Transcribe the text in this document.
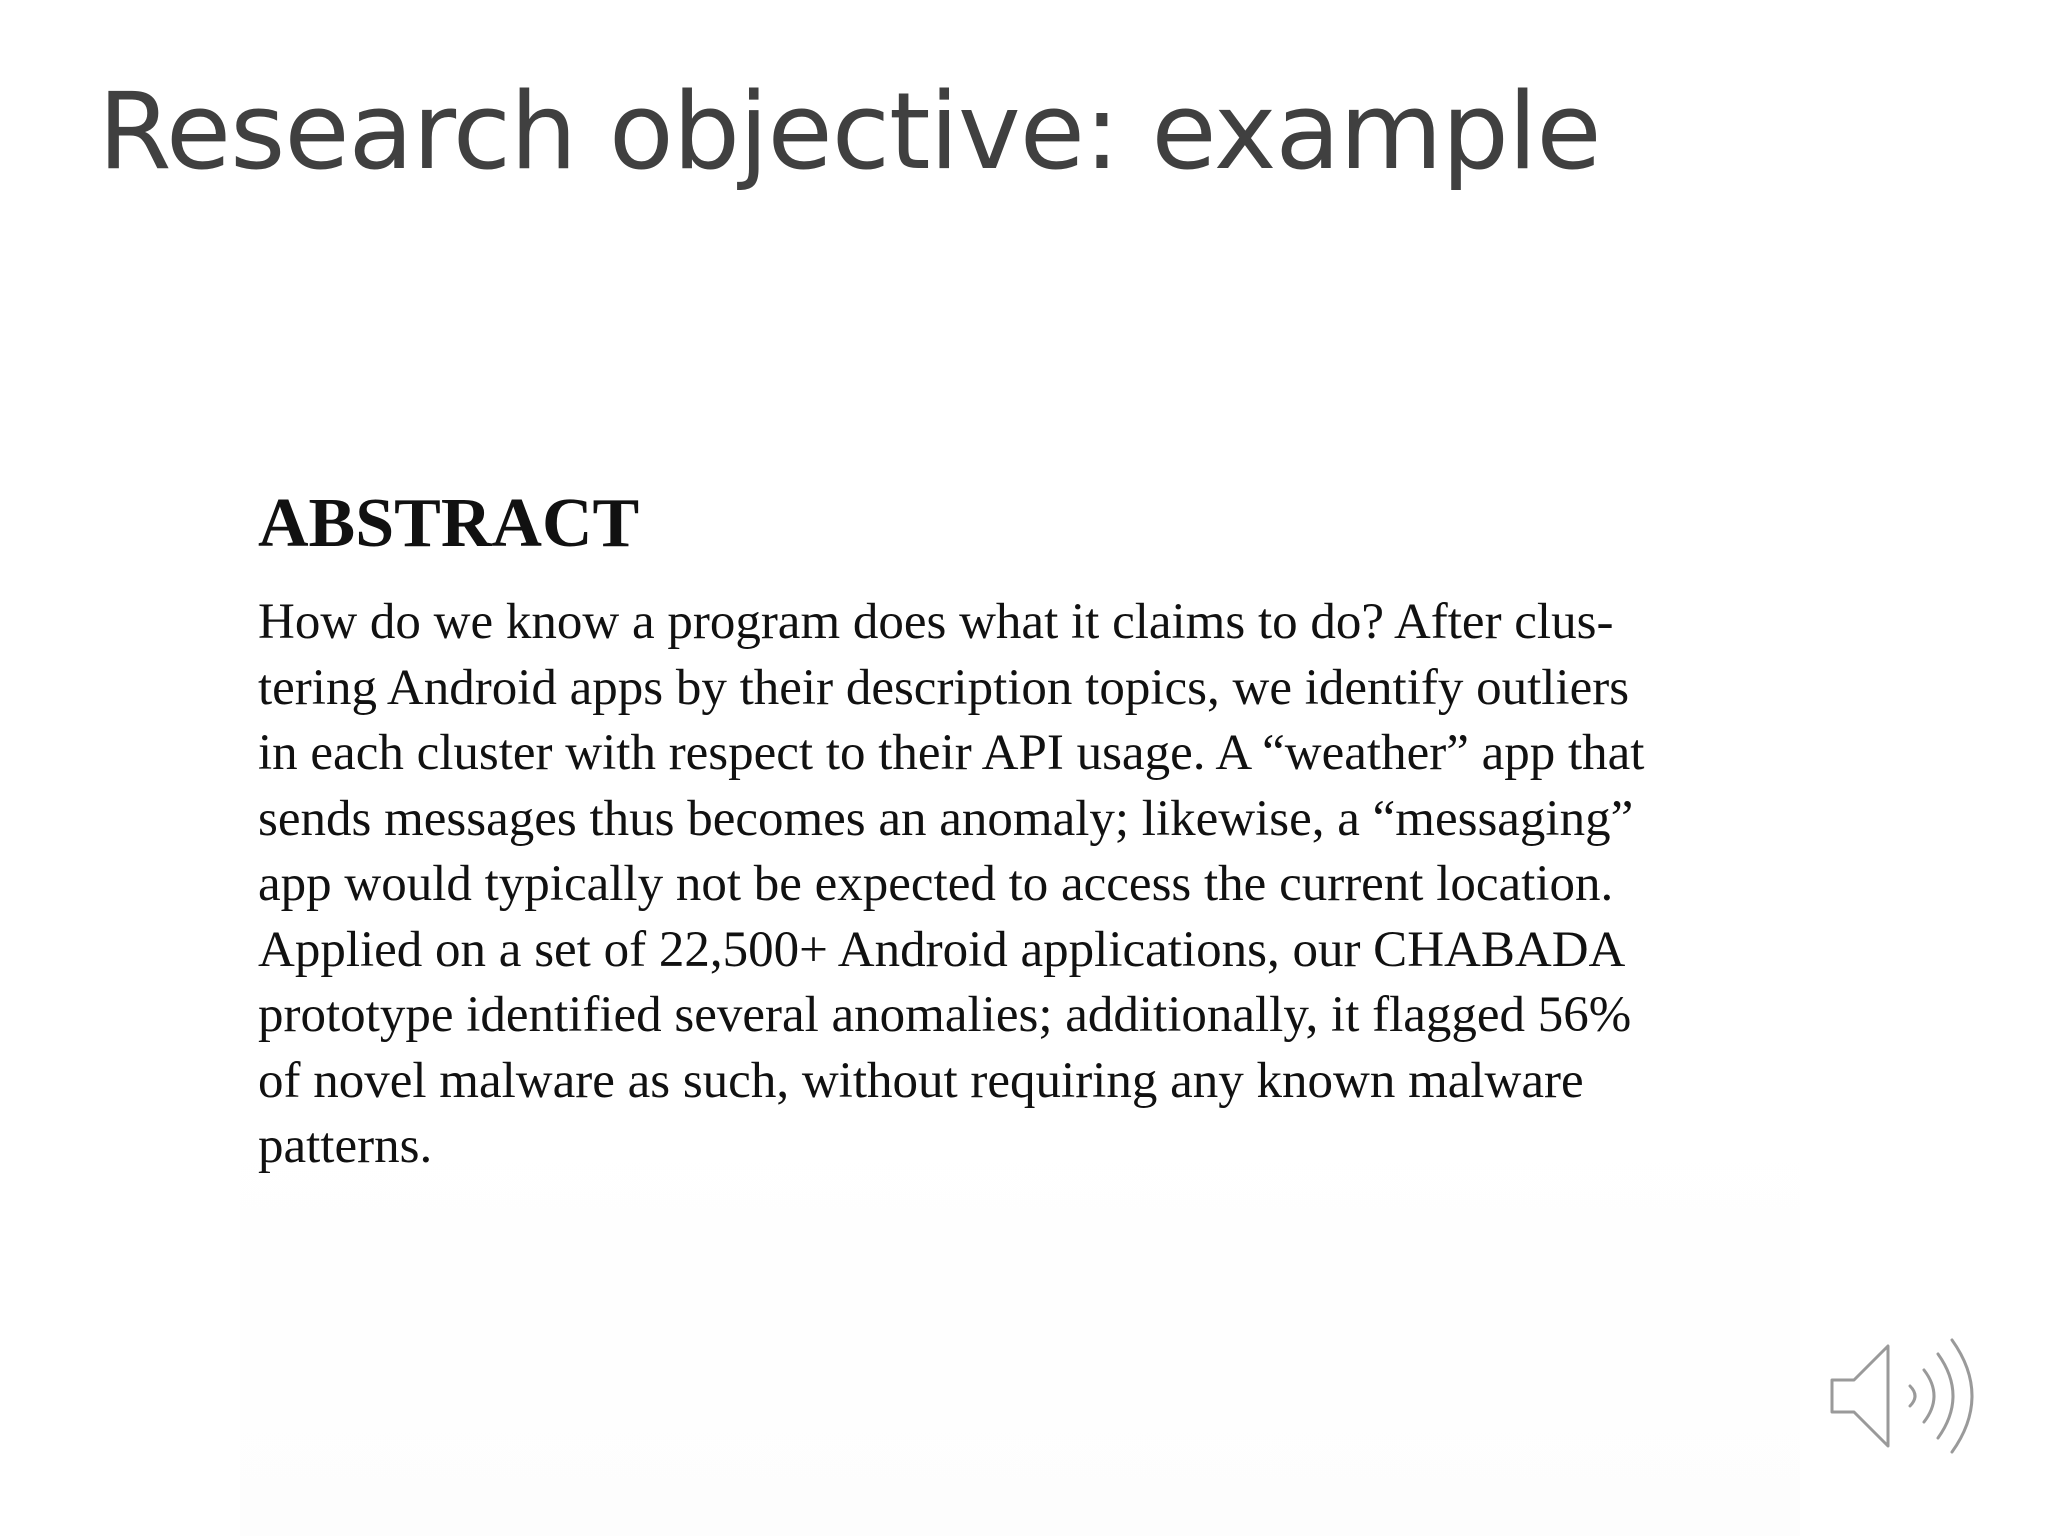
Research objective: example
ABSTRACT

How do we know a program does what it claims to do? After clus-
tering Android apps by their description topics, we identify outliers
in each cluster with respect to their API usage. A “weather” app that
sends messages thus becomes an anomaly; likewise, a “messaging”
app would typically not be expected to access the current location.
Applied on a set of 22,500+ Android applications, our CHABADA
prototype identified several anomalies; additionally, it flagged 56%
of novel malware as such, without requiring any known malware
patterns.
